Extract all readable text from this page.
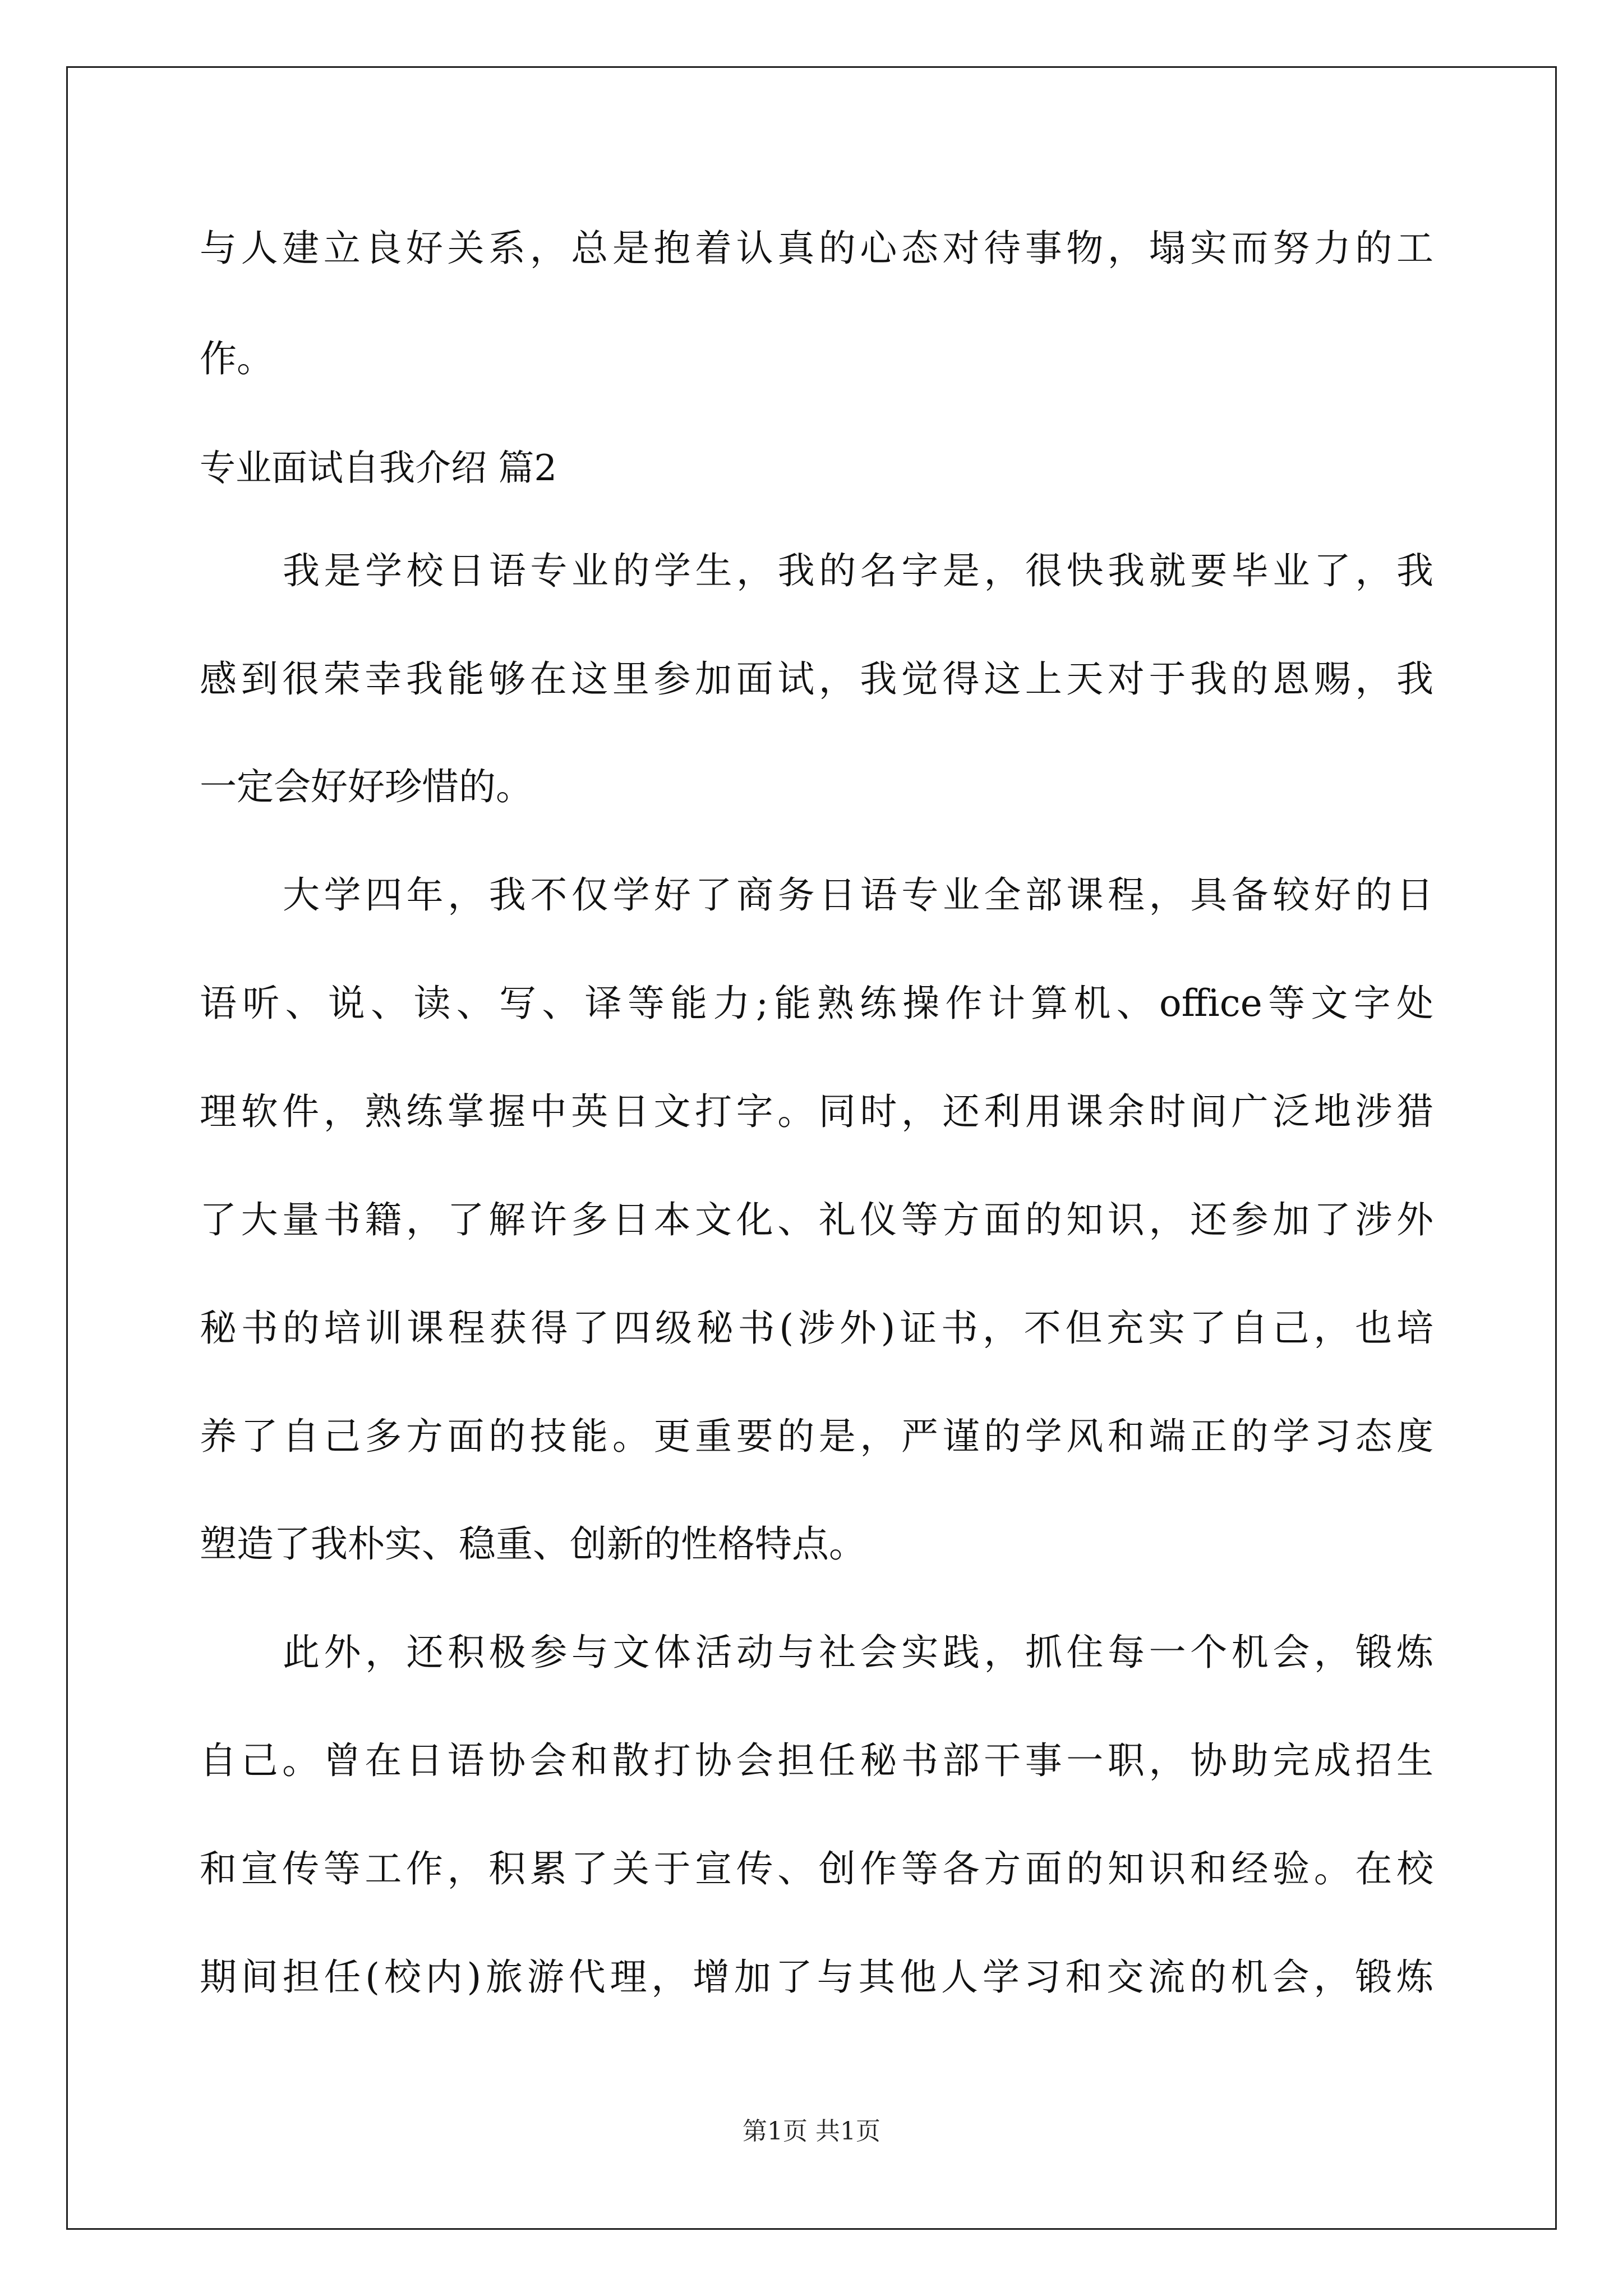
与人建立良好关系，总是抱着认真的心态对待事物，塌实而努力的工
作。
专业面试自我介绍 篇2
我是学校日语专业的学生，我的名字是，很快我就要毕业了，我
感到很荣幸我能够在这里参加面试，我觉得这上天对于我的恩赐，我
一定会好好珍惜的。
大学四年，我不仅学好了商务日语专业全部课程，具备较好的日
语听、说、读、写、译等能力;能熟练操作计算机、office等文字处
理软件，熟练掌握中英日文打字。同时，还利用课余时间广泛地涉猎
了大量书籍，了解许多日本文化、礼仪等方面的知识，还参加了涉外
秘书的培训课程获得了四级秘书(涉外)证书，不但充实了自己，也培
养了自己多方面的技能。更重要的是，严谨的学风和端正的学习态度
塑造了我朴实、稳重、创新的性格特点。
此外，还积极参与文体活动与社会实践，抓住每一个机会，锻炼
自己。曾在日语协会和散打协会担任秘书部干事一职，协助完成招生
和宣传等工作，积累了关于宣传、创作等各方面的知识和经验。在校
期间担任(校内)旅游代理，增加了与其他人学习和交流的机会，锻炼
第1页 共1页
